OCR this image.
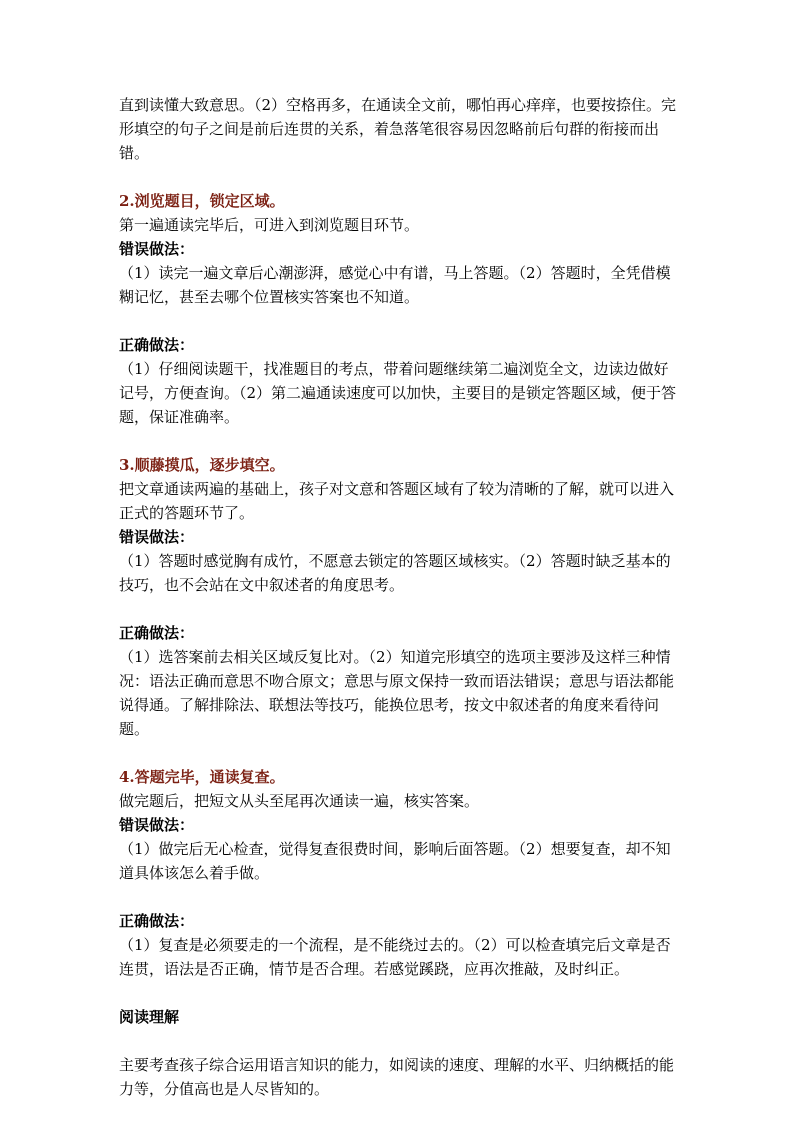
直到读懂大致意思。（2）空格再多，在通读全文前，哪怕再心痒痒，也要按捺住。完形填空的句子之间是前后连贯的关系，着急落笔很容易因忽略前后句群的衔接而出错。

2.浏览题目，锁定区域。

第一遍通读完毕后，可进入到浏览题目环节。

错误做法：

（1）读完一遍文章后心潮澎湃，感觉心中有谱，马上答题。（2）答题时，全凭借模糊记忆，甚至去哪个位置核实答案也不知道。

正确做法：

（1）仔细阅读题干，找准题目的考点，带着问题继续第二遍浏览全文，边读边做好记号，方便查询。（2）第二遍通读速度可以加快，主要目的是锁定答题区域，便于答题，保证准确率。

3.顺藤摸瓜，逐步填空。

把文章通读两遍的基础上，孩子对文意和答题区域有了较为清晰的了解，就可以进入正式的答题环节了。

错误做法：

（1）答题时感觉胸有成竹，不愿意去锁定的答题区域核实。（2）答题时缺乏基本的技巧，也不会站在文中叙述者的角度思考。

正确做法：

（1）选答案前去相关区域反复比对。（2）知道完形填空的选项主要涉及这样三种情况：语法正确而意思不吻合原文；意思与原文保持一致而语法错误；意思与语法都能说得通。了解排除法、联想法等技巧，能换位思考，按文中叙述者的角度来看待问题。

4.答题完毕，通读复查。

做完题后，把短文从头至尾再次通读一遍，核实答案。

错误做法：

（1）做完后无心检查，觉得复查很费时间，影响后面答题。（2）想要复查，却不知道具体该怎么着手做。

正确做法：

（1）复查是必须要走的一个流程，是不能绕过去的。（2）可以检查填完后文章是否连贯，语法是否正确，情节是否合理。若感觉蹊跷，应再次推敲，及时纠正。

阅读理解

主要考查孩子综合运用语言知识的能力，如阅读的速度、理解的水平、归纳概括的能力等，分值高也是人尽皆知的。
